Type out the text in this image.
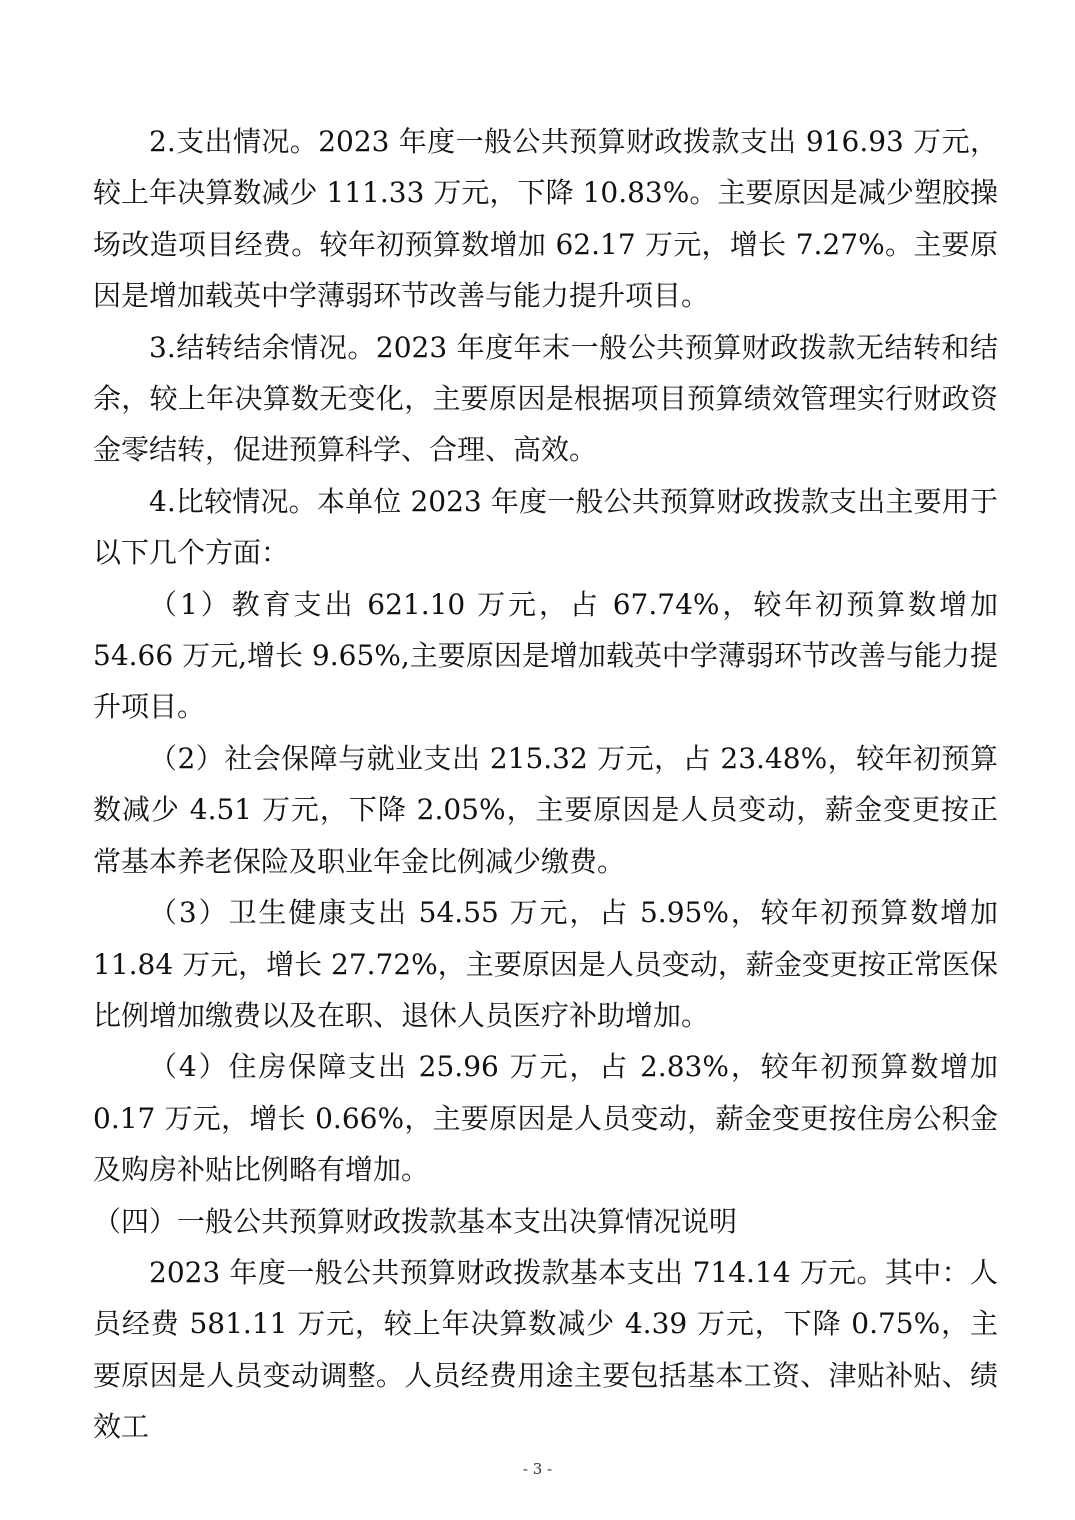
2.支出情况。2023 年度一般公共预算财政拨款支出 916.93 万元，较上年决算数减少 111.33 万元，下降 10.83%。主要原因是减少塑胶操场改造项目经费。较年初预算数增加 62.17 万元，增长 7.27%。主要原因是增加载英中学薄弱环节改善与能力提升项目。

3.结转结余情况。2023 年度年末一般公共预算财政拨款无结转和结余，较上年决算数无变化，主要原因是根据项目预算绩效管理实行财政资金零结转，促进预算科学、合理、高效。

4.比较情况。本单位 2023 年度一般公共预算财政拨款支出主要用于以下几个方面：

（1）教育支出 621.10 万元，占 67.74%，较年初预算数增加 54.66 万元,增长 9.65%,主要原因是增加载英中学薄弱环节改善与能力提升项目。

（2）社会保障与就业支出 215.32 万元，占 23.48%，较年初预算数减少 4.51 万元，下降 2.05%，主要原因是人员变动，薪金变更按正常基本养老保险及职业年金比例减少缴费。

（3）卫生健康支出 54.55 万元，占 5.95%，较年初预算数增加 11.84 万元，增长 27.72%，主要原因是人员变动，薪金变更按正常医保比例增加缴费以及在职、退休人员医疗补助增加。

（4）住房保障支出 25.96 万元，占 2.83%，较年初预算数增加 0.17 万元，增长 0.66%，主要原因是人员变动，薪金变更按住房公积金及购房补贴比例略有增加。

（四）一般公共预算财政拨款基本支出决算情况说明

2023 年度一般公共预算财政拨款基本支出 714.14 万元。其中：人员经费 581.11 万元，较上年决算数减少 4.39 万元，下降 0.75%，主要原因是人员变动调整。人员经费用途主要包括基本工资、津贴补贴、绩效工

- 3 -
